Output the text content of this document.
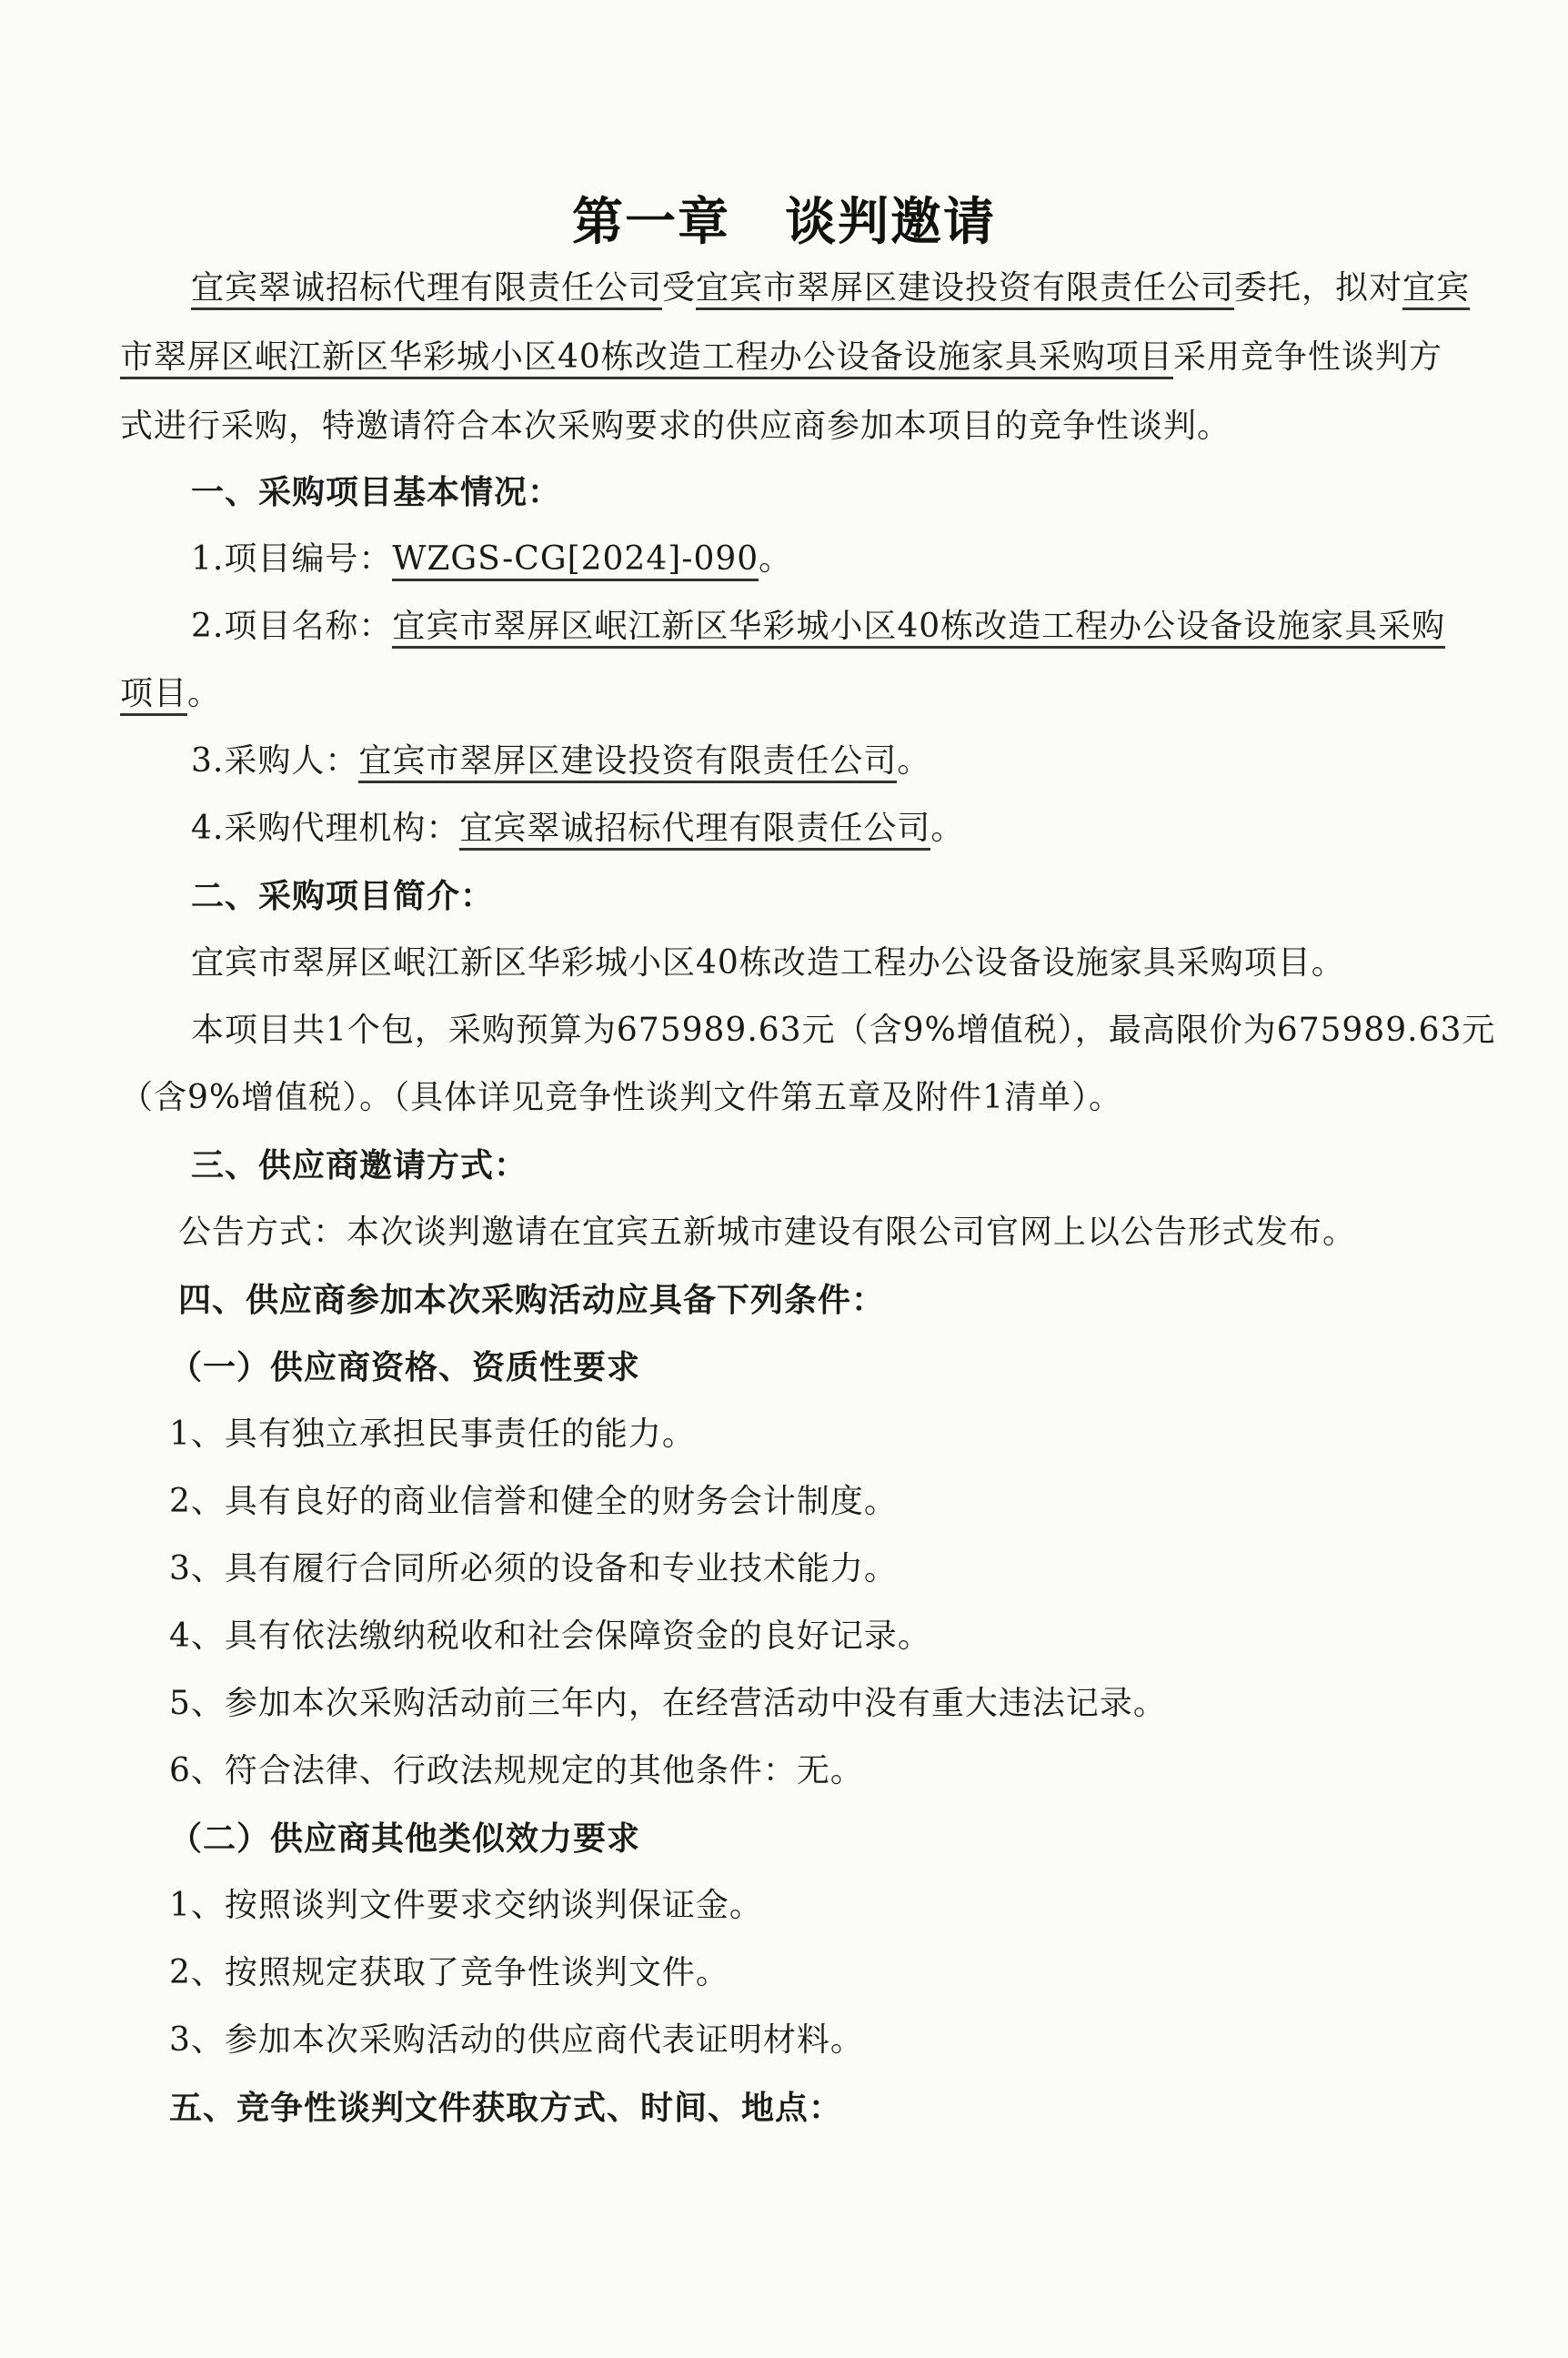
第一章 谈判邀请
宜宾翠诚招标代理有限责任公司受宜宾市翠屏区建设投资有限责任公司委托，拟对宜宾
市翠屏区岷江新区华彩城小区40栋改造工程办公设备设施家具采购项目采用竞争性谈判方
式进行采购，特邀请符合本次采购要求的供应商参加本项目的竞争性谈判。
一、采购项目基本情况：
1.项目编号：WZGS-CG[2024]-090。
2.项目名称：宜宾市翠屏区岷江新区华彩城小区40栋改造工程办公设备设施家具采购
项目。
3.采购人：宜宾市翠屏区建设投资有限责任公司。
4.采购代理机构：宜宾翠诚招标代理有限责任公司。
二、采购项目简介：
宜宾市翠屏区岷江新区华彩城小区40栋改造工程办公设备设施家具采购项目。
本项目共1个包，采购预算为675989.63元（含9%增值税），最高限价为675989.63元
（含9%增值税）。（具体详见竞争性谈判文件第五章及附件1清单）。
三、供应商邀请方式：
公告方式：本次谈判邀请在宜宾五新城市建设有限公司官网上以公告形式发布。
四、供应商参加本次采购活动应具备下列条件：
（一）供应商资格、资质性要求
1、具有独立承担民事责任的能力。
2、具有良好的商业信誉和健全的财务会计制度。
3、具有履行合同所必须的设备和专业技术能力。
4、具有依法缴纳税收和社会保障资金的良好记录。
5、参加本次采购活动前三年内，在经营活动中没有重大违法记录。
6、符合法律、行政法规规定的其他条件：无。
（二）供应商其他类似效力要求
1、按照谈判文件要求交纳谈判保证金。
2、按照规定获取了竞争性谈判文件。
3、参加本次采购活动的供应商代表证明材料。
五、竞争性谈判文件获取方式、时间、地点：
